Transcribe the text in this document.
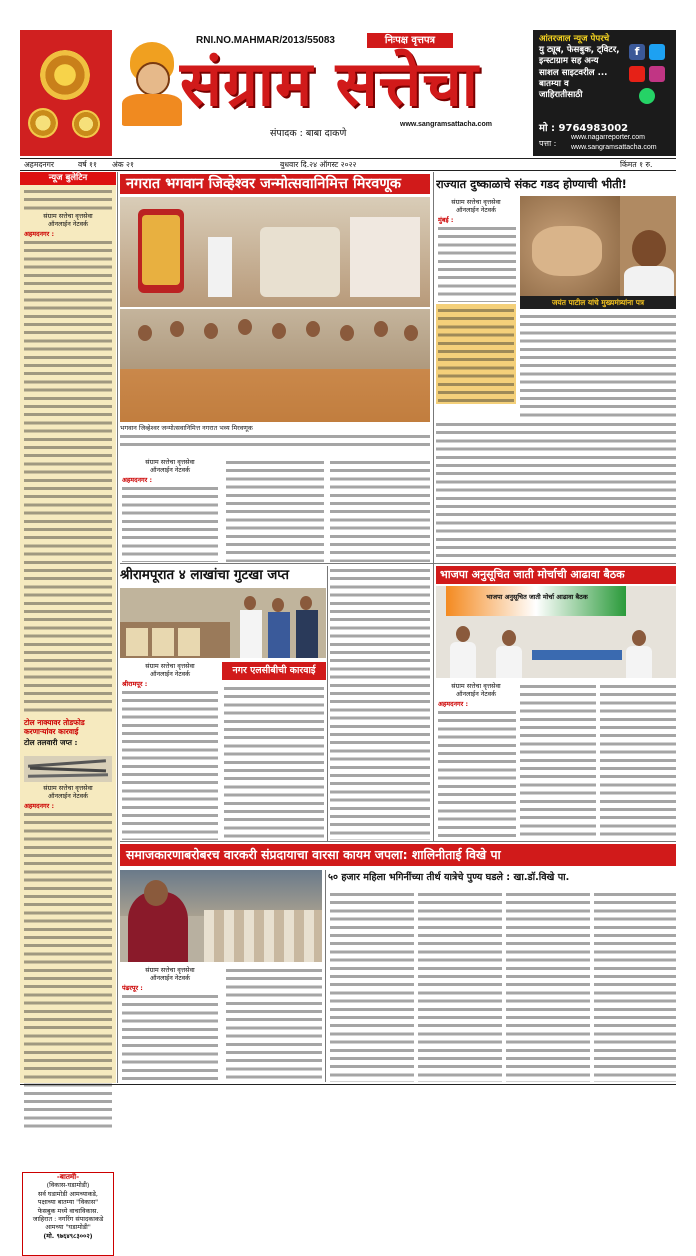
RNI.NO.MAHMAR/2013/55083	निःपक्ष वृत्तपत्र
संग्राम सत्तेचा
संपादक : बाबा दाकणे
www.sangramsattacha.com
आंतरजाल न्यूज पेपरचे
यु ट्यूब, फेसबुक, ट्विटर,
इन्स्टाग्राम सह अन्य
साशल साइटवरील ...
बातम्या व
जाहिरातीसाठी
मो : 9764983002
पत्ता :
www.nagarreporter.com
www.sangramsattacha.com
f
अहमदनगर	वर्ष ११ अंक २१	बुधवार दि.२४ ऑगस्ट २०२२	किंमत १ रु.
न्यूज बुलेटिन
संग्राम सत्तेचा वृत्तसेवा
ऑनलाईन नेटवर्क
अहमदनगर :
टोल नाक्यावर तोडफोड करणाऱ्यांवर कारवाई
टोल तलवारी जप्त :
संग्राम सत्तेचा वृत्तसेवा
ऑनलाईन नेटवर्क
अहमदनगर :
-बातमी-
(विकास-घडामोडी)
सर्व घडामोडी आमच्याकडे,
पक्षाच्या बातम्या "विकास"
फेसबुक मध्ये वाचाविकास.
जाहिरात : नगरिंग संपादकाकडे
आमच्या "घडामोडी"
(मो. ९७६४९८३००२)
नगरात भगवान जिव्हेश्वर जन्मोत्सवानिमित्त मिरवणूक
भगवान जिव्हेश्वर जन्मोत्सवानिमित्त नगरात भव्य मिरवणूक
संग्राम सत्तेचा वृत्तसेवा
ऑनलाईन नेटवर्क
अहमदनगर :
राज्यात दुष्काळाचे संकट गडद होण्याची भीती!
संग्राम सत्तेचा वृत्तसेवा
ऑनलाईन नेटवर्क
मुंबई :
जयंत पाटील यांचे मुख्यमंत्र्यांना पत्र
भाजपा अनुसूचित जाती मोर्चाची आढावा बैठक
भाजपा अनुसूचित जाती मोर्चा आढावा बैठक
संग्राम सत्तेचा वृत्तसेवा
ऑनलाईन नेटवर्क
अहमदनगर :
श्रीरामपूरात ४ लाखांचा गुटखा जप्त
संग्राम सत्तेचा वृत्तसेवा
ऑनलाईन नेटवर्क
श्रीरामपूर :
नगर एलसीबीची कारवाई
समाजकारणाबरोबरच वारकरी संप्रदायाचा वारसा कायम जपला: शालिनीताई विखे पा
संग्राम सत्तेचा वृत्तसेवा
ऑनलाईन नेटवर्क
पंढरपूर :
५० हजार महिला भगिनींच्या तीर्थ यात्रेचे पुण्य घडले : खा.डॉ.विखे पा.
